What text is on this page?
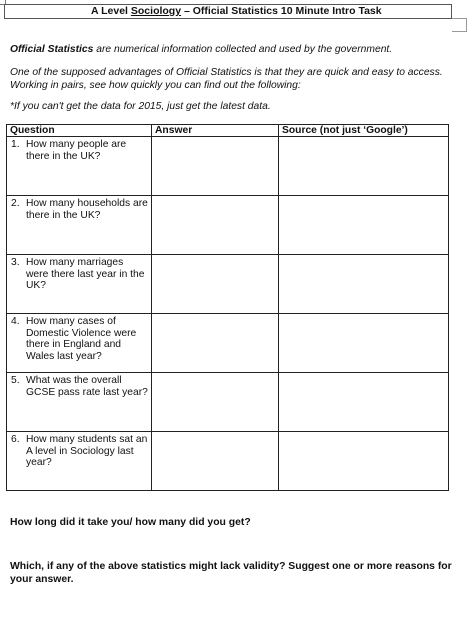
A Level Sociology – Official Statistics 10 Minute Intro Task
Official Statistics are numerical information collected and used by the government.
One of the supposed advantages of Official Statistics is that they are quick and easy to access.
Working in pairs, see how quickly you can find out the following:
*If you can't get the data for 2015, just get the latest data.
Question	Answer	Source (not just ‘Google’)

1. How many people are there in the UK?		

2. How many households are there in the UK?		

3. How many marriages were there last year in the UK?		

4. How many cases of Domestic Violence were there in England and Wales last year?		

5. What was the overall GCSE pass rate last year?		

6. How many students sat an A level in Sociology last year?		

How long did it take you/ how many did you get?
Which, if any of the above statistics might lack validity? Suggest one or more reasons for
your answer.
